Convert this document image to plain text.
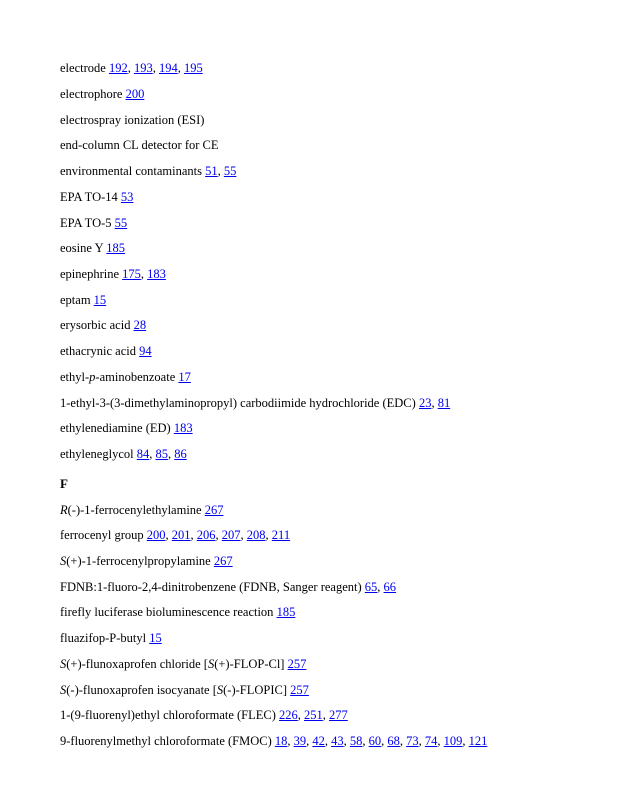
electrode 192, 193, 194, 195
electrophore 200
electrospray ionization (ESI)
end-column CL detector for CE
environmental contaminants 51, 55
EPA TO-14 53
EPA TO-5 55
eosine Y 185
epinephrine 175, 183
eptam 15
erysorbic acid 28
ethacrynic acid 94
ethyl-p-aminobenzoate 17
1-ethyl-3-(3-dimethylaminopropyl) carbodiimide hydrochloride (EDC) 23, 81
ethylenediamine (ED) 183
ethyleneglycol 84, 85, 86
F
R(-)-1-ferrocenylethylamine 267
ferrocenyl group 200, 201, 206, 207, 208, 211
S(+)-1-ferrocenylpropylamine 267
FDNB:1-fluoro-2,4-dinitrobenzene (FDNB, Sanger reagent) 65, 66
firefly luciferase bioluminescence reaction 185
fluazifop-P-butyl 15
S(+)-flunoxaprofen chloride [S(+)-FLOP-Cl] 257
S(-)-flunoxaprofen isocyanate [S(-)-FLOPIC] 257
1-(9-fluorenyl)ethyl chloroformate (FLEC) 226, 251, 277
9-fluorenylmethyl chloroformate (FMOC) 18, 39, 42, 43, 58, 60, 68, 73, 74, 109, 121
